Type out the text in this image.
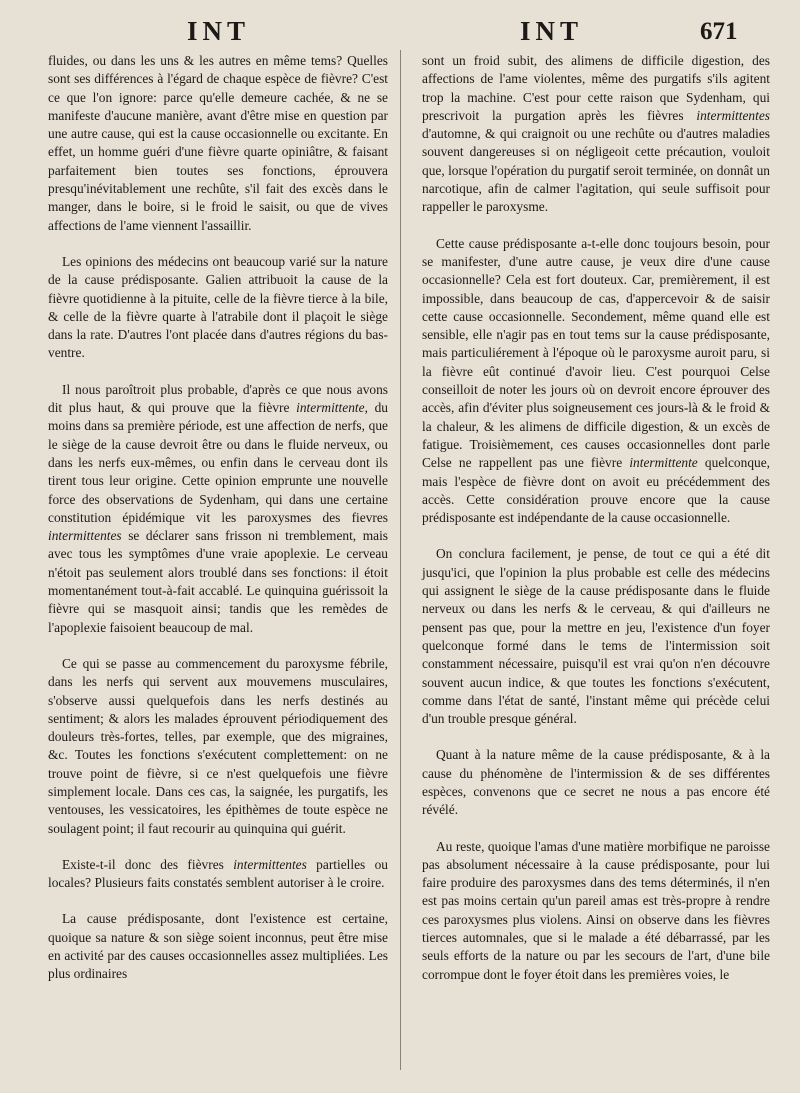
INT	INT	671

fluides, ou dans les uns & les autres en même tems? Quelles sont ses différences à l'égard de chaque espèce de fièvre? C'est ce que l'on ignore: parce qu'elle demeure cachée, & ne se manifeste d'aucune manière, avant d'être mise en question par une autre cause, qui est la cause occasionnelle ou excitante. En effet, un homme guéri d'une fièvre quarte opiniâtre, & faisant parfaitement bien toutes ses fonctions, éprouvera presqu'inévitablement une rechûte, s'il fait des excès dans le manger, dans le boire, si le froid le saisit, ou que de vives affections de l'ame viennent l'assaillir.

Les opinions des médecins ont beaucoup varié sur la nature de la cause prédisposante. Galien attribuoit la cause de la fièvre quotidienne à la pituite, celle de la fièvre tierce à la bile, & celle de la fièvre quarte à l'atrabile dont il plaçoit le siège dans la rate. D'autres l'ont placée dans d'autres régions du bas-ventre.

Il nous paroîtroit plus probable, d'après ce que nous avons dit plus haut, & qui prouve que la fièvre intermittente, du moins dans sa première période, est une affection de nerfs, que le siège de la cause devroit être ou dans le fluide nerveux, ou dans les nerfs eux-mêmes, ou enfin dans le cerveau dont ils tirent tous leur origine. Cette opinion emprunte une nouvelle force des observations de Sydenham, qui dans une certaine constitution épidémique vit les paroxysmes des fievres intermittentes se déclarer sans frisson ni tremblement, mais avec tous les symptômes d'une vraie apoplexie. Le cerveau n'étoit pas seulement alors troublé dans ses fonctions: il étoit momentanément tout-à-fait accablé. Le quinquina guérissoit la fièvre qui se masquoit ainsi; tandis que les remèdes de l'apoplexie faisoient beaucoup de mal.

Ce qui se passe au commencement du paroxysme fébrile, dans les nerfs qui servent aux mouvemens musculaires, s'observe aussi quelquefois dans les nerfs destinés au sentiment; & alors les malades éprouvent périodiquement des douleurs très-fortes, telles, par exemple, que des migraines, &c. Toutes les fonctions s'exécutent complettement: on ne trouve point de fièvre, si ce n'est quelquefois une fièvre simplement locale. Dans ces cas, la saignée, les purgatifs, les ventouses, les vessicatoires, les épithèmes de toute espèce ne soulagent point; il faut recourir au quinquina qui guérit.

Existe-t-il donc des fièvres intermittentes partielles ou locales? Plusieurs faits constatés semblent autoriser à le croire.

La cause prédisposante, dont l'existence est certaine, quoique sa nature & son siège soient inconnus, peut être mise en activité par des causes occasionnelles assez multipliées. Les plus ordinaires

sont un froid subit, des alimens de difficile digestion, des affections de l'ame violentes, même des purgatifs s'ils agitent trop la machine. C'est pour cette raison que Sydenham, qui prescrivoit la purgation après les fièvres intermittentes d'automne, & qui craignoit ou une rechûte ou d'autres maladies souvent dangereuses si on négligeoit cette précaution, vouloit que, lorsque l'opération du purgatif seroit terminée, on donnât un narcotique, afin de calmer l'agitation, qui seule suffisoit pour rappeller le paroxysme.

Cette cause prédisposante a-t-elle donc toujours besoin, pour se manifester, d'une autre cause, je veux dire d'une cause occasionnelle? Cela est fort douteux. Car, premièrement, il est impossible, dans beaucoup de cas, d'appercevoir & de saisir cette cause occasionnelle. Secondement, même quand elle est sensible, elle n'agir pas en tout tems sur la cause prédisposante, mais particuliérement à l'époque où le paroxysme auroit paru, si la fièvre eût continué d'avoir lieu. C'est pourquoi Celse conseilloit de noter les jours où on devroit encore éprouver des accès, afin d'éviter plus soigneusement ces jours-là & le froid & la chaleur, & les alimens de difficile digestion, & un excès de fatigue. Troisièmement, ces causes occasionnelles dont parle Celse ne rappellent pas une fièvre intermittente quelconque, mais l'espèce de fièvre dont on avoit eu précédemment des accès. Cette considération prouve encore que la cause prédisposante est indépendante de la cause occasionnelle.

On conclura facilement, je pense, de tout ce qui a été dit jusqu'ici, que l'opinion la plus probable est celle des médecins qui assignent le siège de la cause prédisposante dans le fluide nerveux ou dans les nerfs & le cerveau, & qui d'ailleurs ne pensent pas que, pour la mettre en jeu, l'existence d'un foyer quelconque formé dans le tems de l'intermission soit constamment nécessaire, puisqu'il est vrai qu'on n'en découvre souvent aucun indice, & que toutes les fonctions s'exécutent, comme dans l'état de santé, l'instant même qui précède celui d'un trouble presque général.

Quant à la nature même de la cause prédisposante, & à la cause du phénomène de l'intermission & de ses différentes espèces, convenons que ce secret ne nous a pas encore été révélé.

Au reste, quoique l'amas d'une matière morbifique ne paroisse pas absolument nécessaire à la cause prédisposante, pour lui faire produire des paroxysmes dans des tems déterminés, il n'en est pas moins certain qu'un pareil amas est très-propre à rendre ces paroxysmes plus violens. Ainsi on observe dans les fièvres tierces automnales, que si le malade a été débarrassé, par les seuls efforts de la nature ou par les secours de l'art, d'une bile corrompue dont le foyer étoit dans les premières voies, le
